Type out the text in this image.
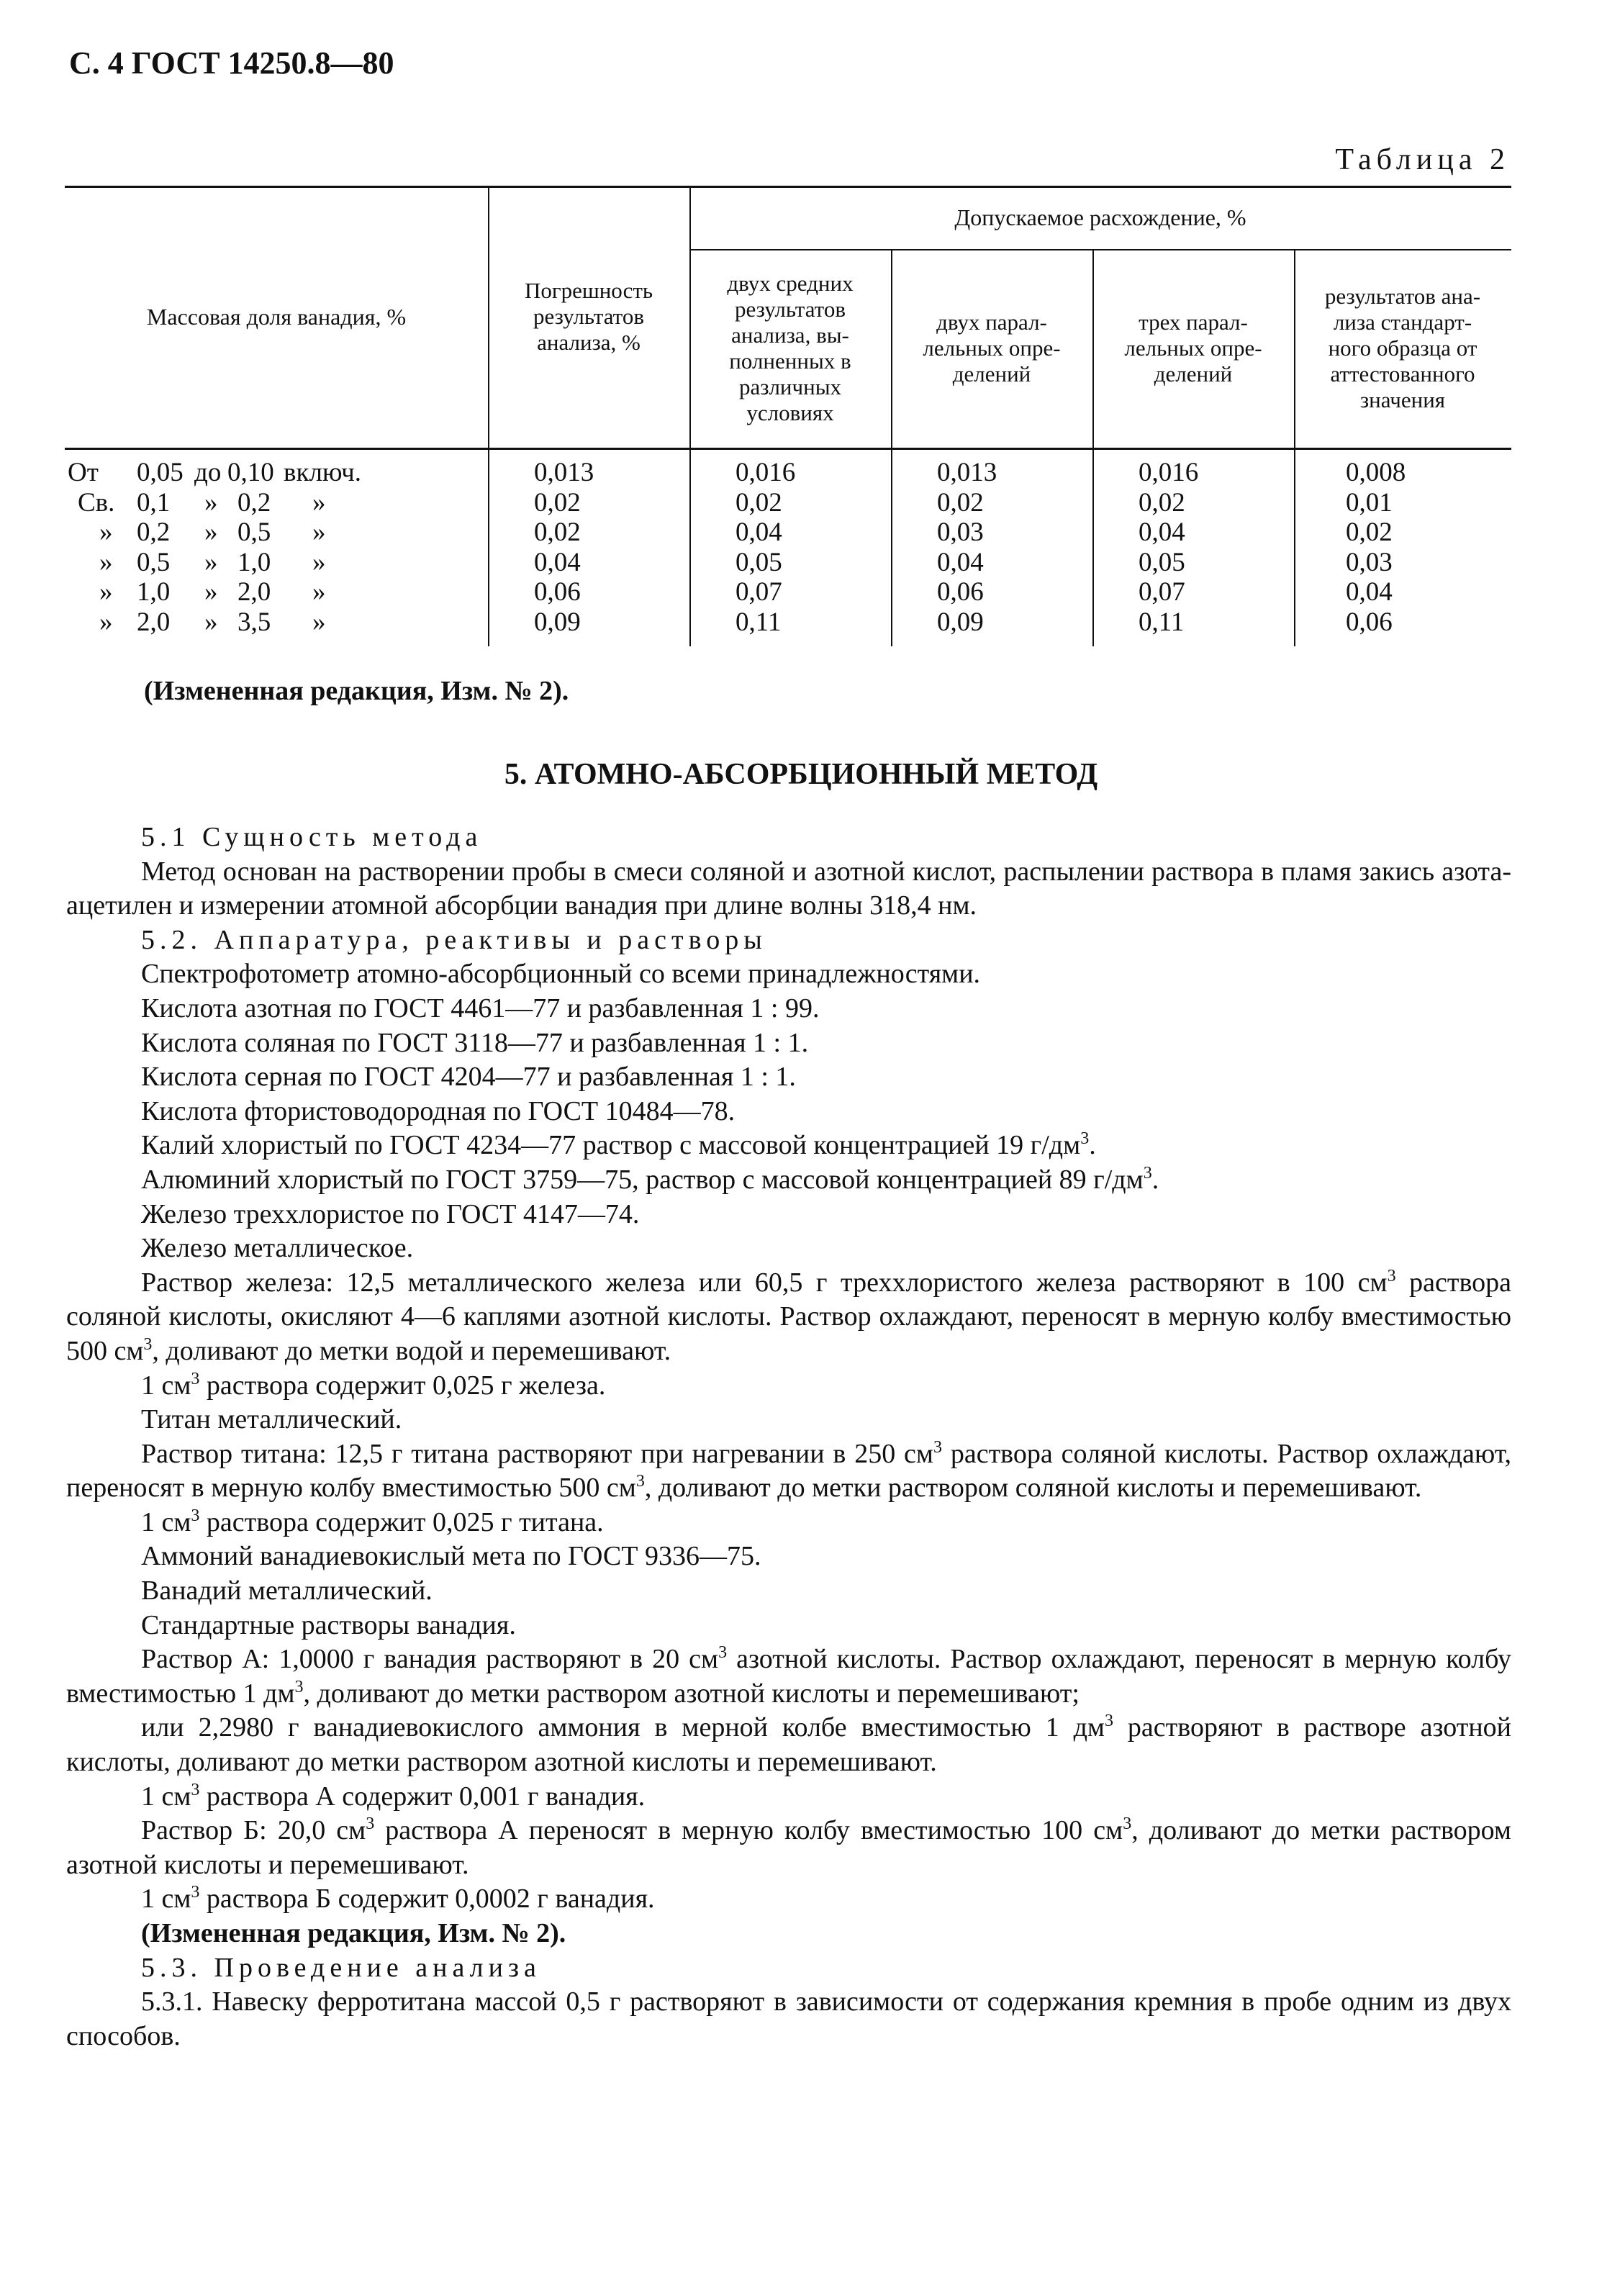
С. 4 ГОСТ 14250.8—80
Таблица 2
Массовая доля ванадия, %
Погрешность
результатов
анализа, %
Допускаемое расхождение, %
двух средних
результатов
анализа, вы-
полненных в
различных
условиях
двух парал-
лельных опре-
делений
трех парал-
лельных опре-
делений
результатов ана-
лиза стандарт-
ного образца от
аттестованного
значения
От 0,05 до 0,10 включ.
Св. 0,1 » 0,2 »
» 0,2 » 0,5 »
» 0,5 » 1,0 »
» 1,0 » 2,0 »
» 2,0 » 3,5 »
0,013
0,02
0,02
0,04
0,06
0,09
0,016
0,02
0,04
0,05
0,07
0,11
0,013
0,02
0,03
0,04
0,06
0,09
0,016
0,02
0,04
0,05
0,07
0,11
0,008
0,01
0,02
0,03
0,04
0,06
(Измененная редакция, Изм. № 2).
5. АТОМНО-АБСОРБЦИОННЫЙ МЕТОД
5.1 Сущность метода
Метод основан на растворении пробы в смеси соляной и азотной кислот, распылении раствора в пламя закись азота-ацетилен и измерении атомной абсорбции ванадия при длине волны 318,4 нм.
5.2. Аппаратура, реактивы и растворы
Спектрофотометр атомно-абсорбционный со всеми принадлежностями.
Кислота азотная по ГОСТ 4461—77 и разбавленная 1 : 99.
Кислота соляная по ГОСТ 3118—77 и разбавленная 1 : 1.
Кислота серная по ГОСТ 4204—77 и разбавленная 1 : 1.
Кислота фтористоводородная по ГОСТ 10484—78.
Калий хлористый по ГОСТ 4234—77 раствор с массовой концентрацией 19 $г/дм^3$.
Алюминий хлористый по ГОСТ 3759—75, раствор с массовой концентрацией 89 $г/дм^3$.
Железо треххлористое по ГОСТ 4147—74.
Железо металлическое.
Раствор железа: 12,5 металлического железа или 60,5 г треххлористого железа растворяют в 100 $см^3$ раствора соляной кислоты, окисляют 4—6 каплями азотной кислоты. Раствор охлаждают, переносят в мерную колбу вместимостью 500 $см^3$, доливают до метки водой и перемешивают.
1 $см^3$ раствора содержит 0,025 г железа.
Титан металлический.
Раствор титана: 12,5 г титана растворяют при нагревании в 250 $см^3$ раствора соляной кислоты. Раствор охлаждают, переносят в мерную колбу вместимостью 500 $см^3$, доливают до метки раствором соляной кислоты и перемешивают.
1 $см^3$ раствора содержит 0,025 г титана.
Аммоний ванадиевокислый мета по ГОСТ 9336—75.
Ванадий металлический.
Стандартные растворы ванадия.
Раствор А: 1,0000 г ванадия растворяют в 20 $см^3$ азотной кислоты. Раствор охлаждают, переносят в мерную колбу вместимостью 1 $дм^3$, доливают до метки раствором азотной кислоты и перемешивают;
или 2,2980 г ванадиевокислого аммония в мерной колбе вместимостью 1 $дм^3$ растворяют в растворе азотной кислоты, доливают до метки раствором азотной кислоты и перемешивают.
1 $см^3$ раствора А содержит 0,001 г ванадия.
Раствор Б: 20,0 $см^3$ раствора А переносят в мерную колбу вместимостью 100 $см^3$, доливают до метки раствором азотной кислоты и перемешивают.
1 $см^3$ раствора Б содержит 0,0002 г ванадия.
(Измененная редакция, Изм. № 2).
5.3. Проведение анализа
5.3.1. Навеску ферротитана массой 0,5 г растворяют в зависимости от содержания кремния в пробе одним из двух способов.
